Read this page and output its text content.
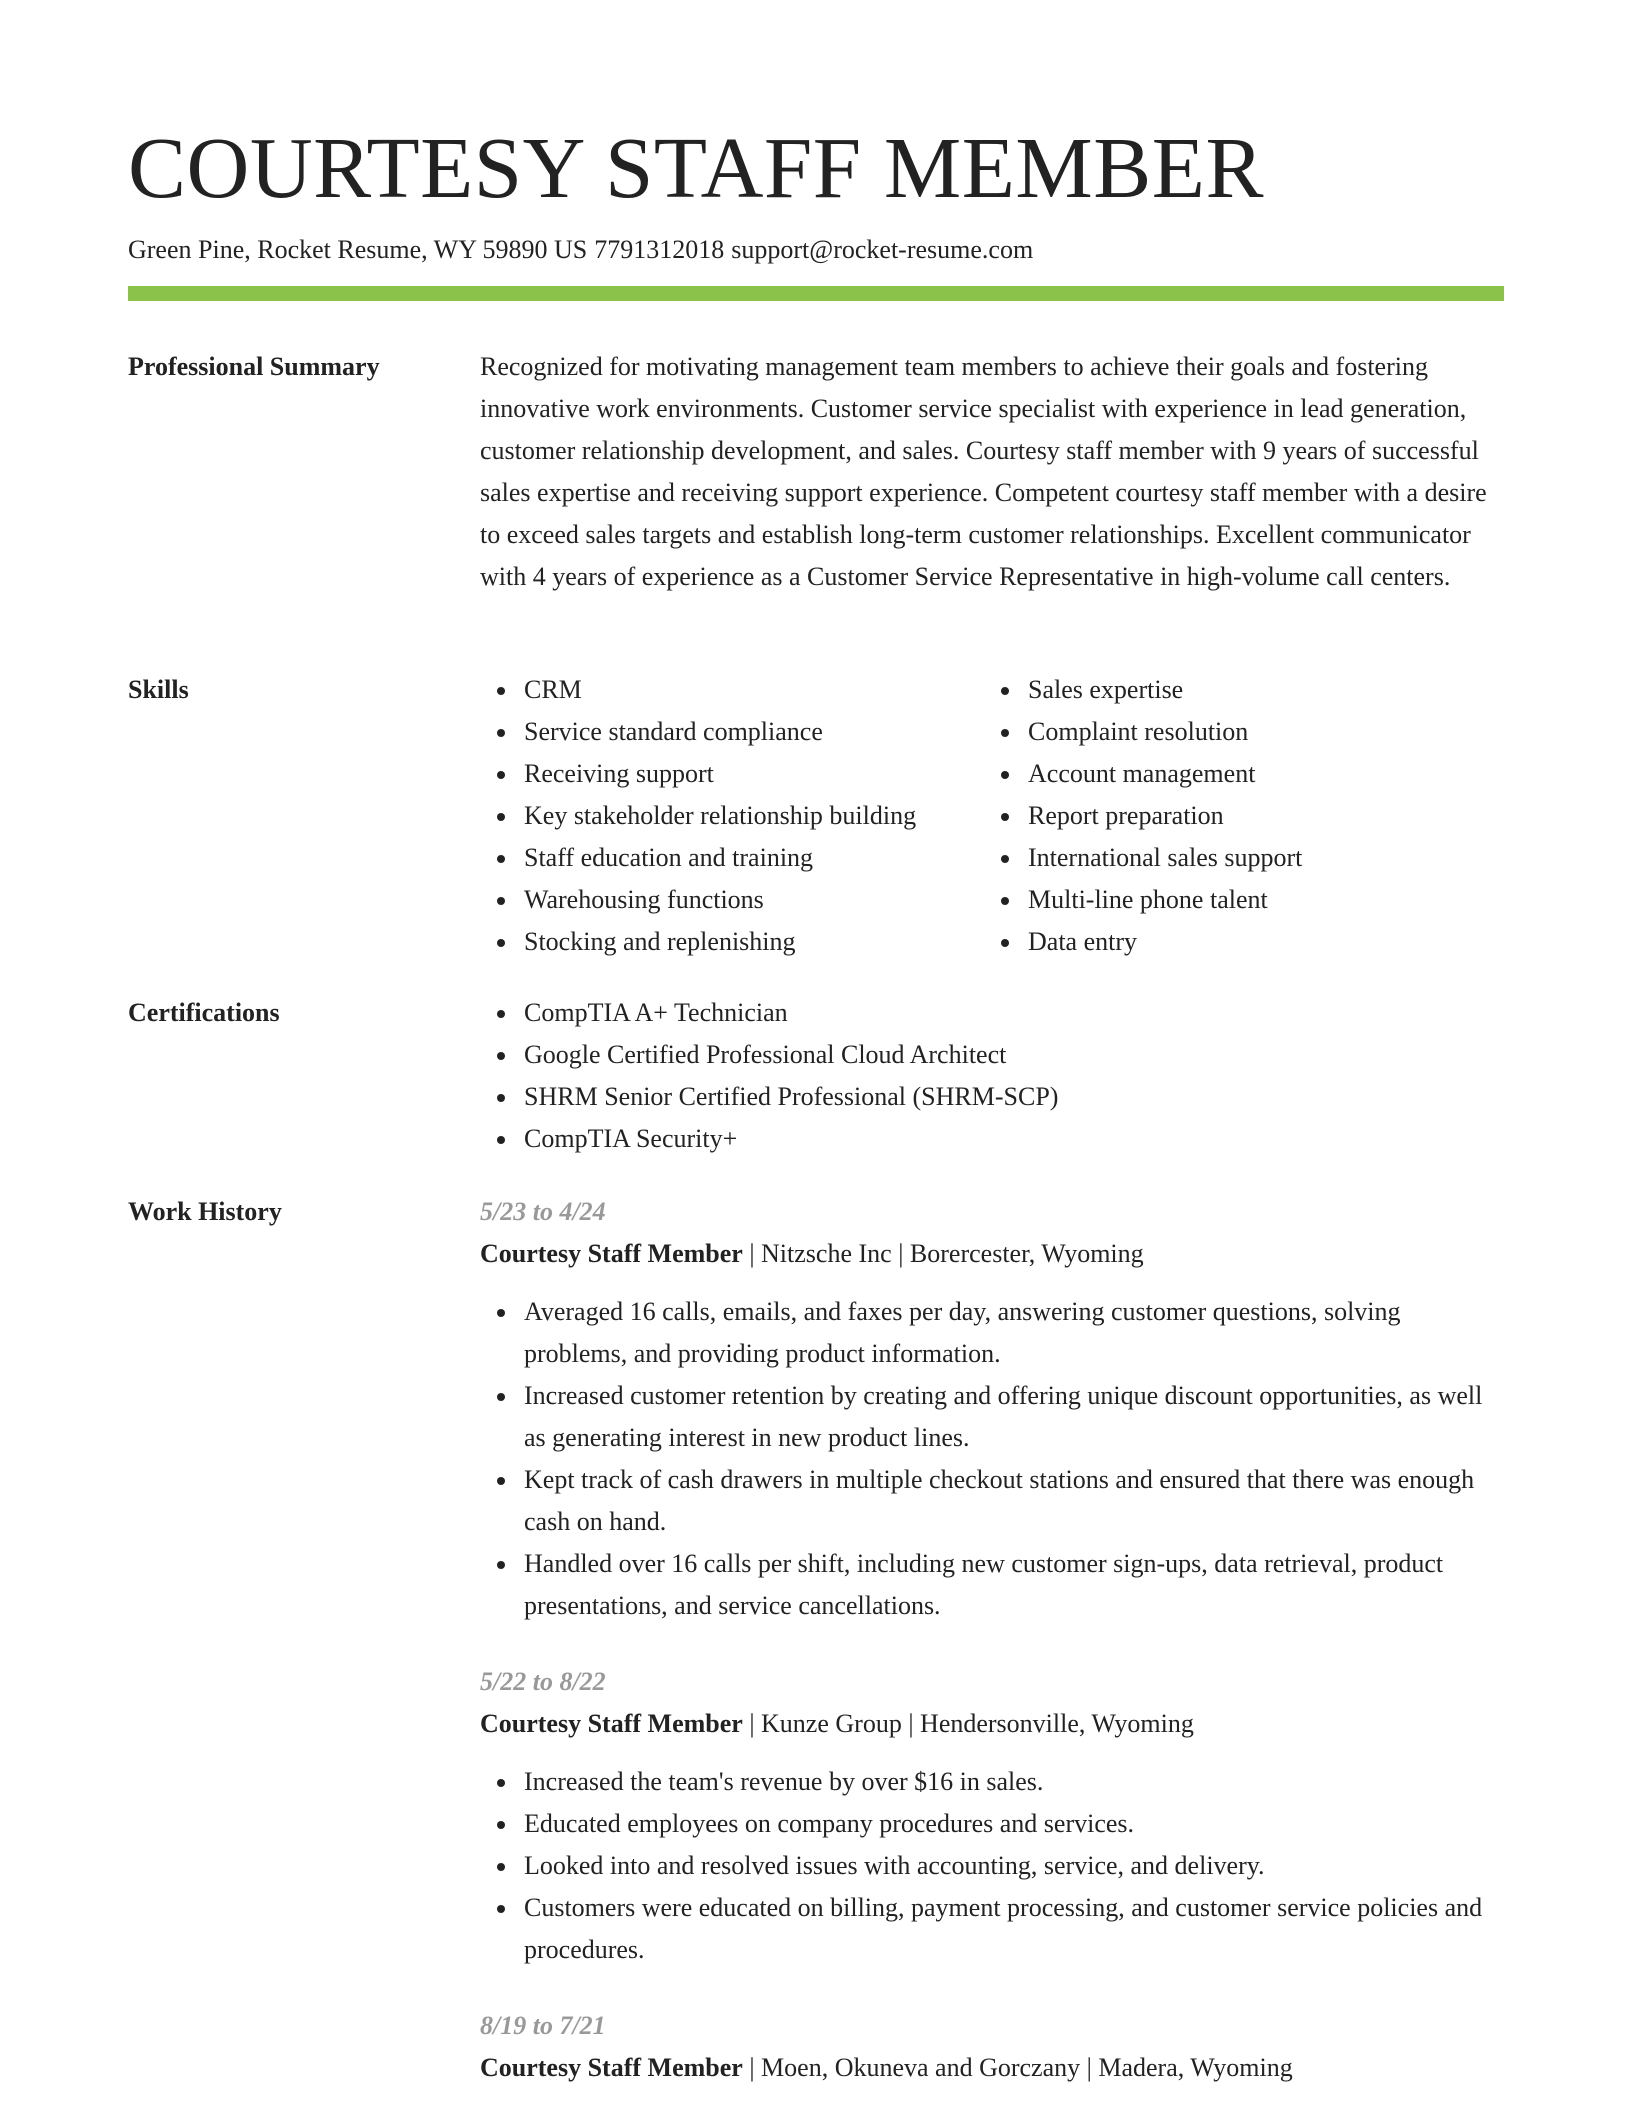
COURTESY STAFF MEMBER
Green Pine, Rocket Resume, WY 59890 US 7791312018 support@rocket-resume.com
Professional Summary	Recognized for motivating management team members to achieve their goals and fostering innovative work environments. Customer service specialist with experience in lead generation, customer relationship development, and sales. Courtesy staff member with 9 years of successful sales expertise and receiving support experience. Competent courtesy staff member with a desire to exceed sales targets and establish long-term customer relationships. Excellent communicator with 4 years of experience as a Customer Service Representative in high-volume call centers.

Skills	CRM
Service standard compliance
Receiving support
Key stakeholder relationship building
Staff education and training
Warehousing functions
Stocking and replenishing
Sales expertise
Complaint resolution
Account management
Report preparation
International sales support
Multi-line phone talent
Data entry
Certifications	CompTIA A+ Technician
Google Certified Professional Cloud Architect
SHRM Senior Certified Professional (SHRM-SCP)
CompTIA Security+
Work History	5/23 to 4/24
Courtesy Staff Member | Nitzsche Inc | Borercester, Wyoming
Averaged 16 calls, emails, and faxes per day, answering customer questions, solving problems, and providing product information.
Increased customer retention by creating and offering unique discount opportunities, as well as generating interest in new product lines.
Kept track of cash drawers in multiple checkout stations and ensured that there was enough cash on hand.
Handled over 16 calls per shift, including new customer sign-ups, data retrieval, product presentations, and service cancellations.
5/22 to 8/22
Courtesy Staff Member | Kunze Group | Hendersonville, Wyoming
Increased the team's revenue by over $16 in sales.
Educated employees on company procedures and services.
Looked into and resolved issues with accounting, service, and delivery.
Customers were educated on billing, payment processing, and customer service policies and procedures.
8/19 to 7/21
Courtesy Staff Member | Moen, Okuneva and Gorczany | Madera, Wyoming
